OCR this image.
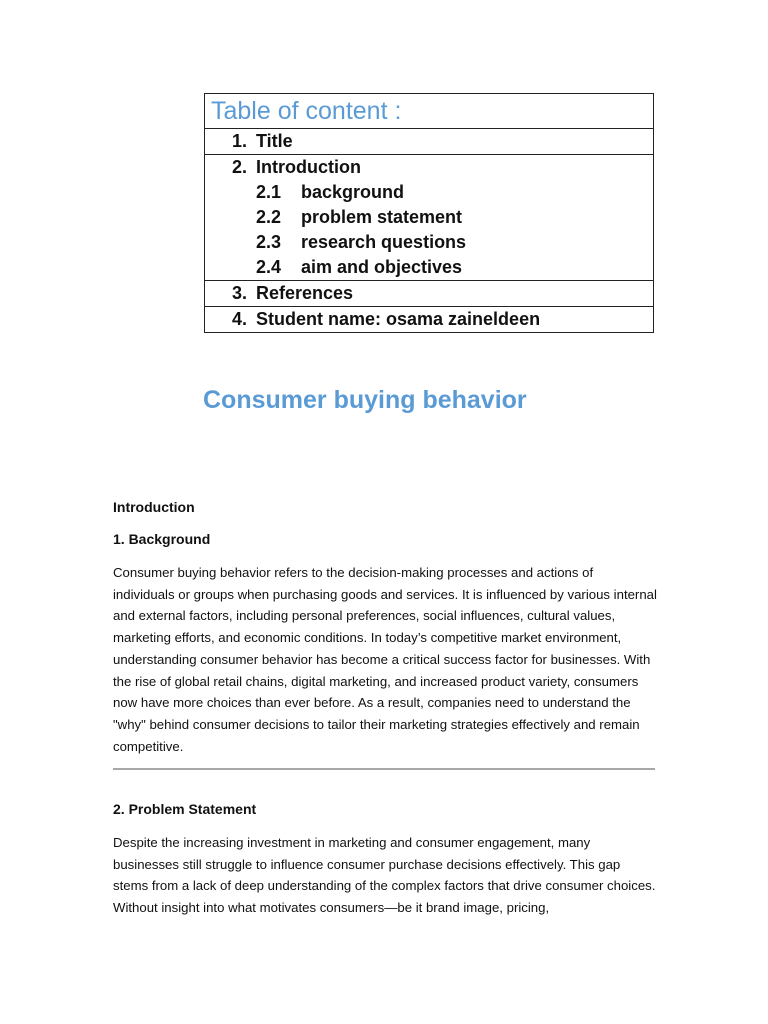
Table of content :
1. Title
2. Introduction
2.1 background
2.2 problem statement
2.3 research questions
2.4 aim and objectives
3. References
4. Student name: osama zaineldeen
Consumer buying behavior
Introduction
1. Background
Consumer buying behavior refers to the decision-making processes and actions of individuals or groups when purchasing goods and services. It is influenced by various internal and external factors, including personal preferences, social influences, cultural values, marketing efforts, and economic conditions. In today’s competitive market environment, understanding consumer behavior has become a critical success factor for businesses. With the rise of global retail chains, digital marketing, and increased product variety, consumers now have more choices than ever before. As a result, companies need to understand the "why" behind consumer decisions to tailor their marketing strategies effectively and remain competitive.
2. Problem Statement
Despite the increasing investment in marketing and consumer engagement, many businesses still struggle to influence consumer purchase decisions effectively. This gap stems from a lack of deep understanding of the complex factors that drive consumer choices. Without insight into what motivates consumers—be it brand image, pricing,
